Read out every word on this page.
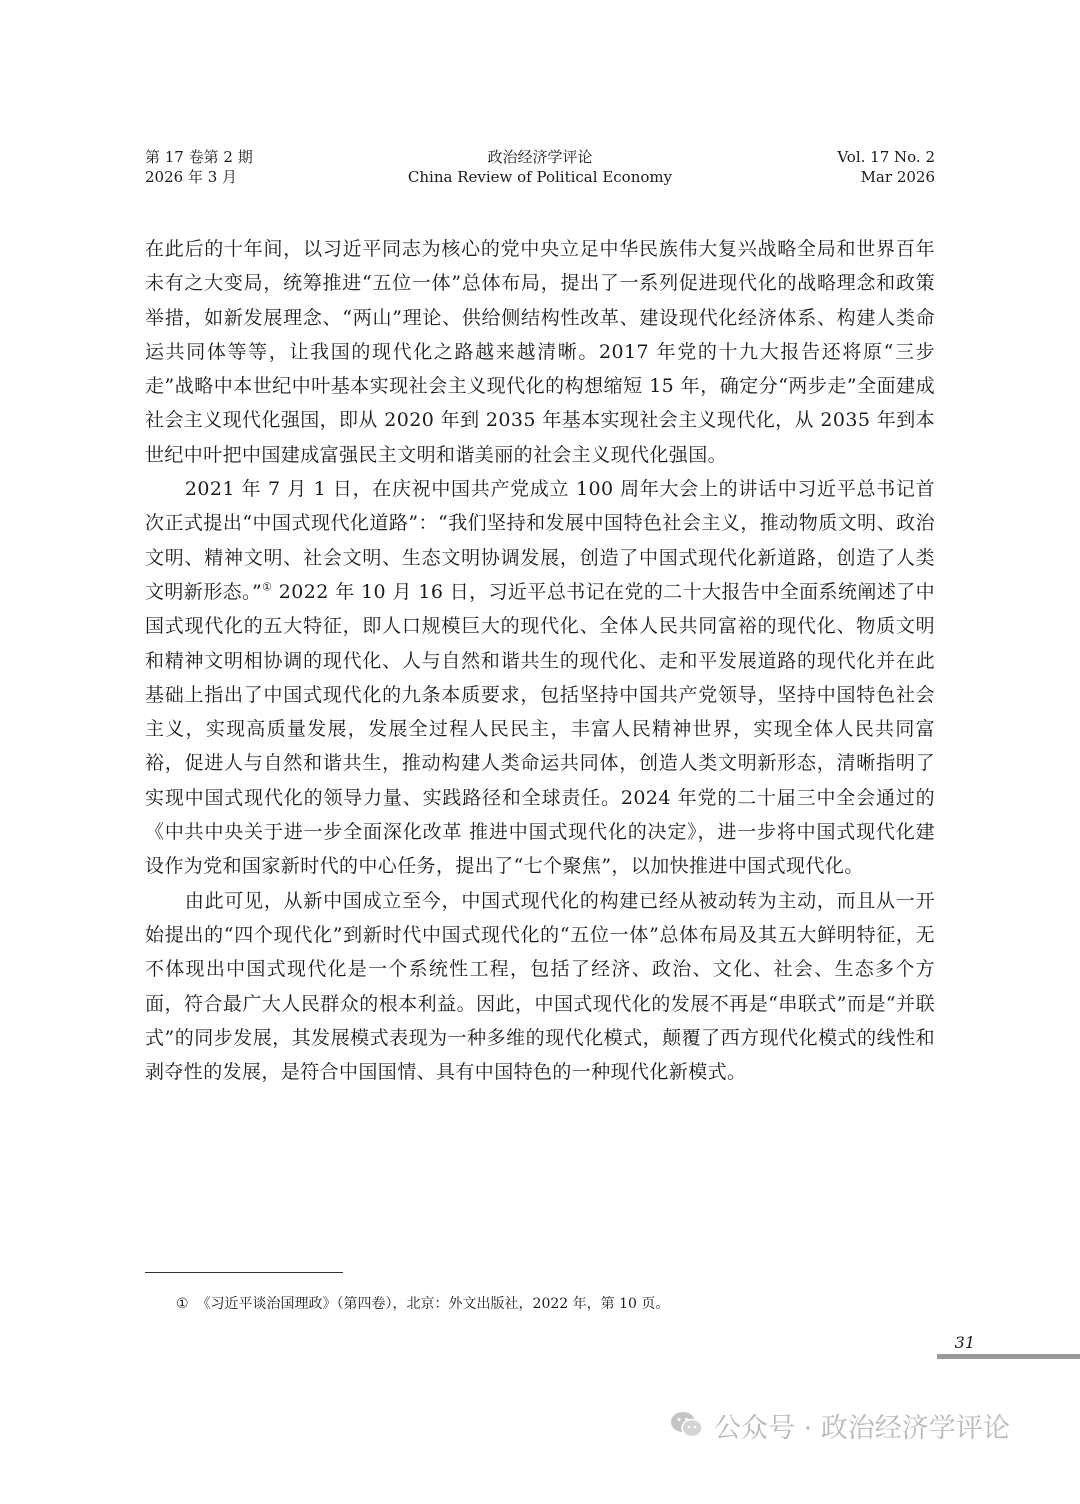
第 17 卷第 2 期
2026 年 3 月
政治经济学评论
China Review of Political Economy
Vol. 17 No. 2
Mar 2026

在此后的十年间，以习近平同志为核心的党中央立足中华民族伟大复兴战略全局和世界百年未有之大变局，统筹推进“五位一体”总体布局，提出了一系列促进现代化的战略理念和政策举措，如新发展理念、“两山”理论、供给侧结构性改革、建设现代化经济体系、构建人类命运共同体等等，让我国的现代化之路越来越清晰。2017 年党的十九大报告还将原“三步走”战略中本世纪中叶基本实现社会主义现代化的构想缩短 15 年，确定分“两步走”全面建成社会主义现代化强国，即从 2020 年到 2035 年基本实现社会主义现代化，从 2035 年到本世纪中叶把中国建成富强民主文明和谐美丽的社会主义现代化强国。

2021 年 7 月 1 日，在庆祝中国共产党成立 100 周年大会上的讲话中习近平总书记首次正式提出“中国式现代化道路”：“我们坚持和发展中国特色社会主义，推动物质文明、政治文明、精神文明、社会文明、生态文明协调发展，创造了中国式现代化新道路，创造了人类文明新形态。”① 2022 年 10 月 16 日，习近平总书记在党的二十大报告中全面系统阐述了中国式现代化的五大特征，即人口规模巨大的现代化、全体人民共同富裕的现代化、物质文明和精神文明相协调的现代化、人与自然和谐共生的现代化、走和平发展道路的现代化并在此基础上指出了中国式现代化的九条本质要求，包括坚持中国共产党领导，坚持中国特色社会主义，实现高质量发展，发展全过程人民民主，丰富人民精神世界，实现全体人民共同富裕，促进人与自然和谐共生，推动构建人类命运共同体，创造人类文明新形态，清晰指明了实现中国式现代化的领导力量、实践路径和全球责任。2024 年党的二十届三中全会通过的《中共中央关于进一步全面深化改革 推进中国式现代化的决定》，进一步将中国式现代化建设作为党和国家新时代的中心任务，提出了“七个聚焦”，以加快推进中国式现代化。

由此可见，从新中国成立至今，中国式现代化的构建已经从被动转为主动，而且从一开始提出的“四个现代化”到新时代中国式现代化的“五位一体”总体布局及其五大鲜明特征，无不体现出中国式现代化是一个系统性工程，包括了经济、政治、文化、社会、生态多个方面，符合最广大人民群众的根本利益。因此，中国式现代化的发展不再是“串联式”而是“并联式”的同步发展，其发展模式表现为一种多维的现代化模式，颠覆了西方现代化模式的线性和剥夺性的发展，是符合中国国情、具有中国特色的一种现代化新模式。

① 《习近平谈治国理政》（第四卷），北京：外文出版社，2022 年，第 10 页。
31
公众号 · 政治经济学评论
